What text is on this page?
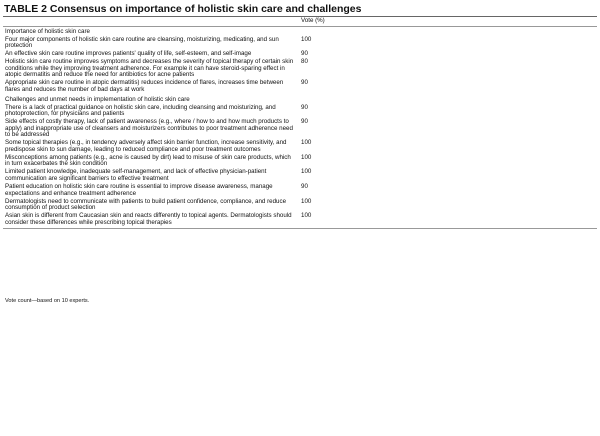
TABLE 2 Consensus on importance of holistic skin care and challenges
	Vote (%)
Importance of holistic skin care	
Four major components of holistic skin care routine are cleansing, moisturizing, medicating, and sun protection	100
An effective skin care routine improves patients' quality of life, self-esteem, and self-image	90
Holistic skin care routine improves symptoms and decreases the severity of topical therapy of certain skin conditions while they improving treatment adherence. For example it can have steroid-sparing effect in atopic dermatitis and reduce the need for antibiotics for acne patients	80
Appropriate skin care routine in atopic dermatitis) reduces incidence of flares, increases time between flares and reduces the number of bad days at work	90
Challenges and unmet needs in implementation of holistic skin care	
There is a lack of practical guidance on holistic skin care, including cleansing and moisturizing, and photoprotection, for physicians and patients	90
Side effects of costly therapy, lack of patient awareness (e.g., where / how to and how much products to apply) and inappropriate use of cleansers and moisturizers contributes to poor treatment adherence need to be addressed	90
Some topical therapies (e.g., in tendency adversely affect skin barrier function, increase sensitivity, and predispose skin to sun damage, leading to reduced compliance and poor treatment outcomes	100
Misconceptions among patients (e.g., acne is caused by dirt) lead to misuse of skin care products, which in turn exacerbates the skin condition	100
Limited patient knowledge, inadequate self-management, and lack of effective physician-patient communication are significant barriers to effective treatment	100
Patient education on holistic skin care routine is essential to improve disease awareness, manage expectations and enhance treatment adherence	90
Dermatologists need to communicate with patients to build patient confidence, compliance, and reduce consumption of product selection	100
Asian skin is different from Caucasian skin and reacts differently to topical agents. Dermatologists should consider these differences while prescribing topical therapies	100
Vote count—based on 10 experts.
